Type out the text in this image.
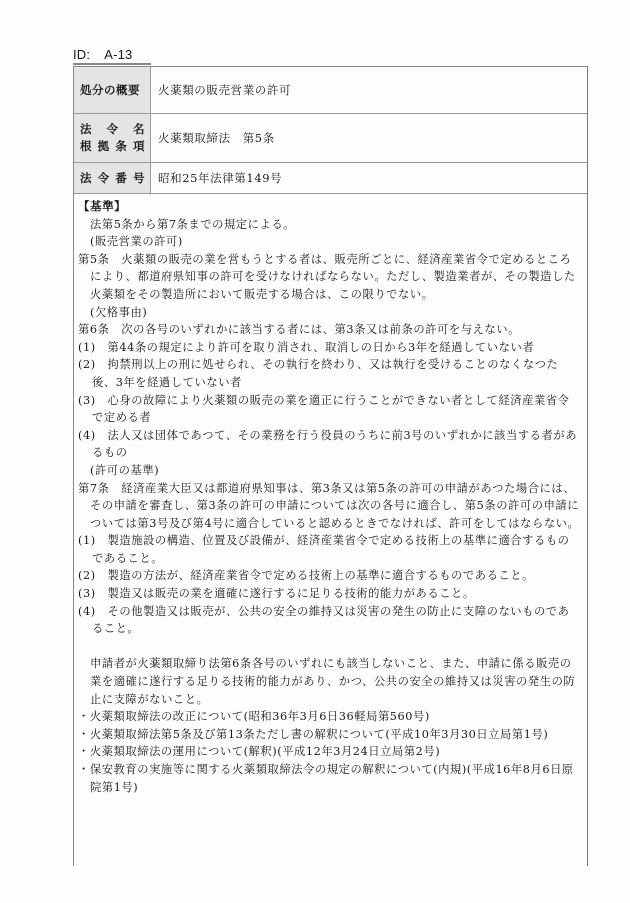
ID: A-13
処分の概要	火薬類の販売営業の許可
法 令 名
根 拠 条 項
火薬類取締法　第5条
法 令 番 号	昭和25年法律第149号

【基準】

法第5条から第7条までの規定による。

(販売営業の許可)

第5条　火薬類の販売の業を営もうとする者は、販売所ごとに、経済産業省令で定めるところにより、都道府県知事の許可を受けなければならない。ただし、製造業者が、その製造した火薬類をその製造所において販売する場合は、この限りでない。

(欠格事由)

第6条　次の各号のいずれかに該当する者には、第3条又は前条の許可を与えない。

(1)　第44条の規定により許可を取り消され、取消しの日から3年を経過していない者

(2)　拘禁刑以上の刑に処せられ、その執行を終わり、又は執行を受けることのなくなつた後、3年を経過していない者

(3)　心身の故障により火薬類の販売の業を適正に行うことができない者として経済産業省令で定める者

(4)　法人又は団体であつて、その業務を行う役員のうちに前3号のいずれかに該当する者があるもの

(許可の基準)

第7条　経済産業大臣又は都道府県知事は、第3条又は第5条の許可の申請があつた場合には、その申請を審査し、第3条の許可の申請については次の各号に適合し、第5条の許可の申請については第3号及び第4号に適合していると認めるときでなければ、許可をしてはならない。

(1)　製造施設の構造、位置及び設備が、経済産業省令で定める技術上の基準に適合するものであること。

(2)　製造の方法が、経済産業省令で定める技術上の基準に適合するものであること。

(3)　製造又は販売の業を適確に遂行するに足りる技術的能力があること。

(4)　その他製造又は販売が、公共の安全の維持又は災害の発生の防止に支障のないものであること。

申請者が火薬類取締り法第6条各号のいずれにも該当しないこと、また、申請に係る販売の業を適確に遂行する足りる技術的能力があり、かつ、公共の安全の維持又は災害の発生の防止に支障がないこと。

・火薬類取締法の改正について(昭和36年3月6日36軽局第560号)

・火薬類取締法第5条及び第13条ただし書の解釈について(平成10年3月30日立局第1号)

・火薬類取締法の運用について(解釈)(平成12年3月24日立局第2号)

・保安教育の実施等に関する火薬類取締法令の規定の解釈について(内規)(平成16年8月6日原院第1号)
